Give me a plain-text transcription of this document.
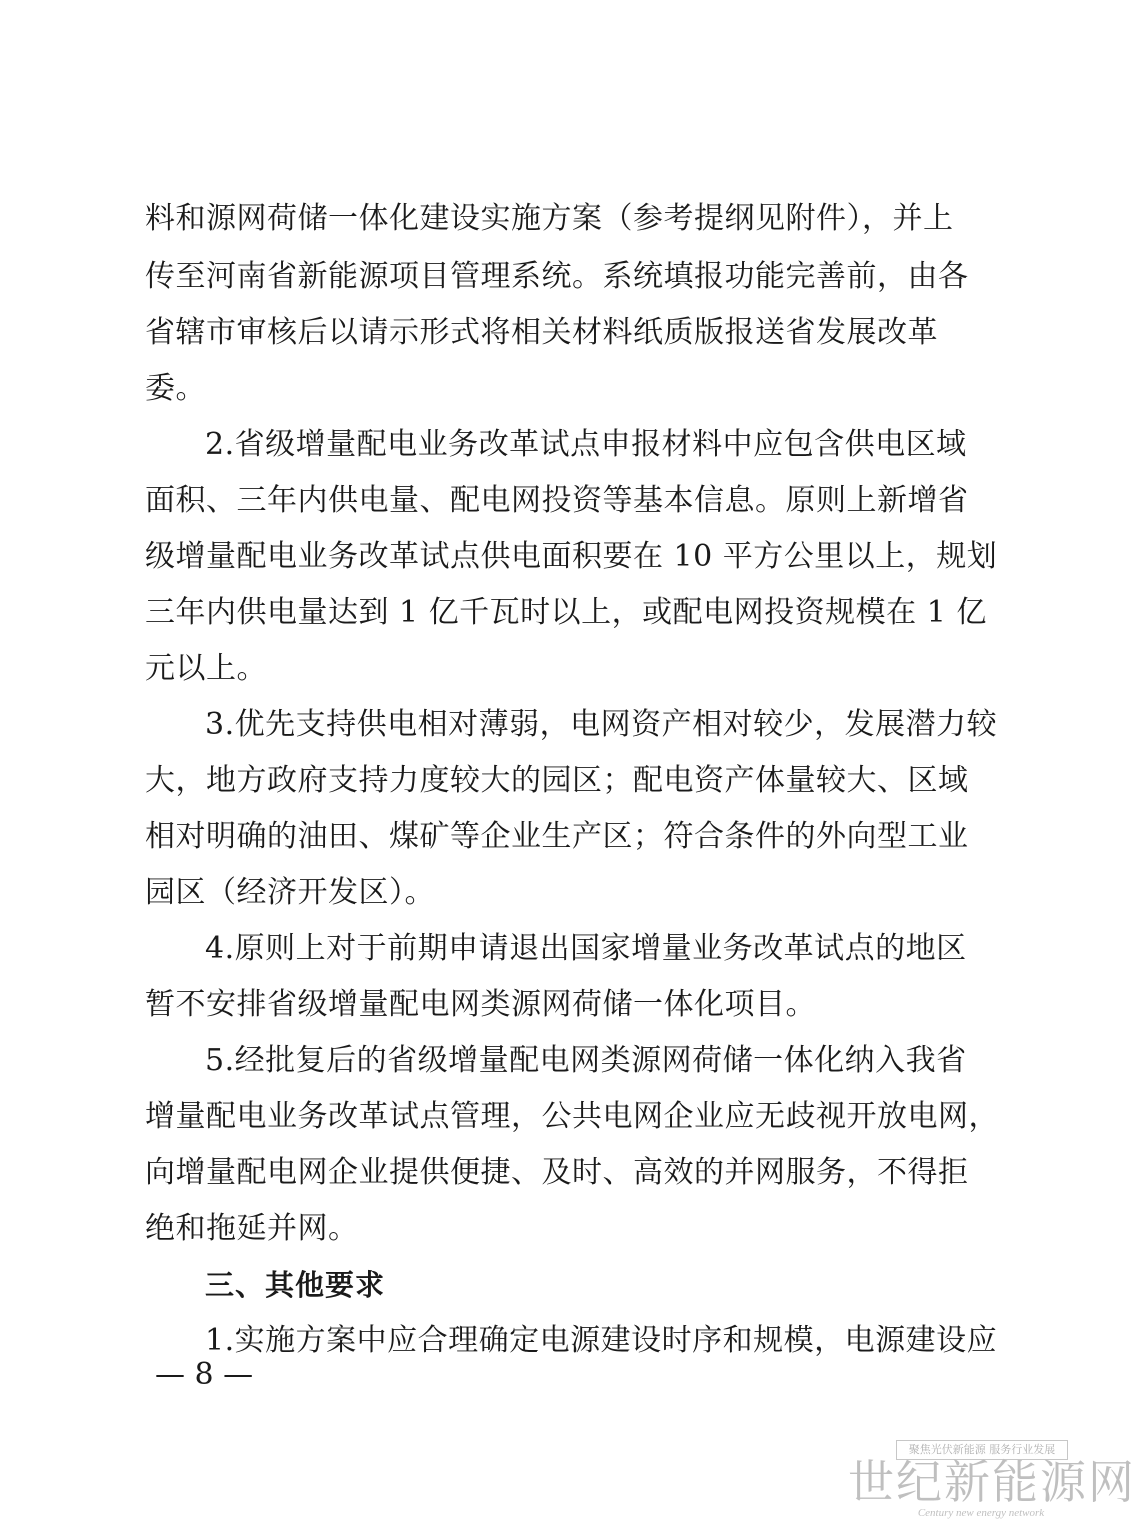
料和源网荷储一体化建设实施方案（参考提纲见附件），并上
传至河南省新能源项目管理系统。系统填报功能完善前，由各
省辖市审核后以请示形式将相关材料纸质版报送省发展改革
委。
2.省级增量配电业务改革试点申报材料中应包含供电区域
面积、三年内供电量、配电网投资等基本信息。原则上新增省
级增量配电业务改革试点供电面积要在 10 平方公里以上，规划
三年内供电量达到 1 亿千瓦时以上，或配电网投资规模在 1 亿
元以上。
3.优先支持供电相对薄弱，电网资产相对较少，发展潜力较
大，地方政府支持力度较大的园区；配电资产体量较大、区域
相对明确的油田、煤矿等企业生产区；符合条件的外向型工业
园区（经济开发区）。
4.原则上对于前期申请退出国家增量业务改革试点的地区
暂不安排省级增量配电网类源网荷储一体化项目。
5.经批复后的省级增量配电网类源网荷储一体化纳入我省
增量配电业务改革试点管理，公共电网企业应无歧视开放电网，
向增量配电网企业提供便捷、及时、高效的并网服务，不得拒
绝和拖延并网。
三、其他要求
1.实施方案中应合理确定电源建设时序和规模，电源建设应
— 8 —
聚焦光伏新能源 服务行业发展
世纪新能源网
Century new energy network
